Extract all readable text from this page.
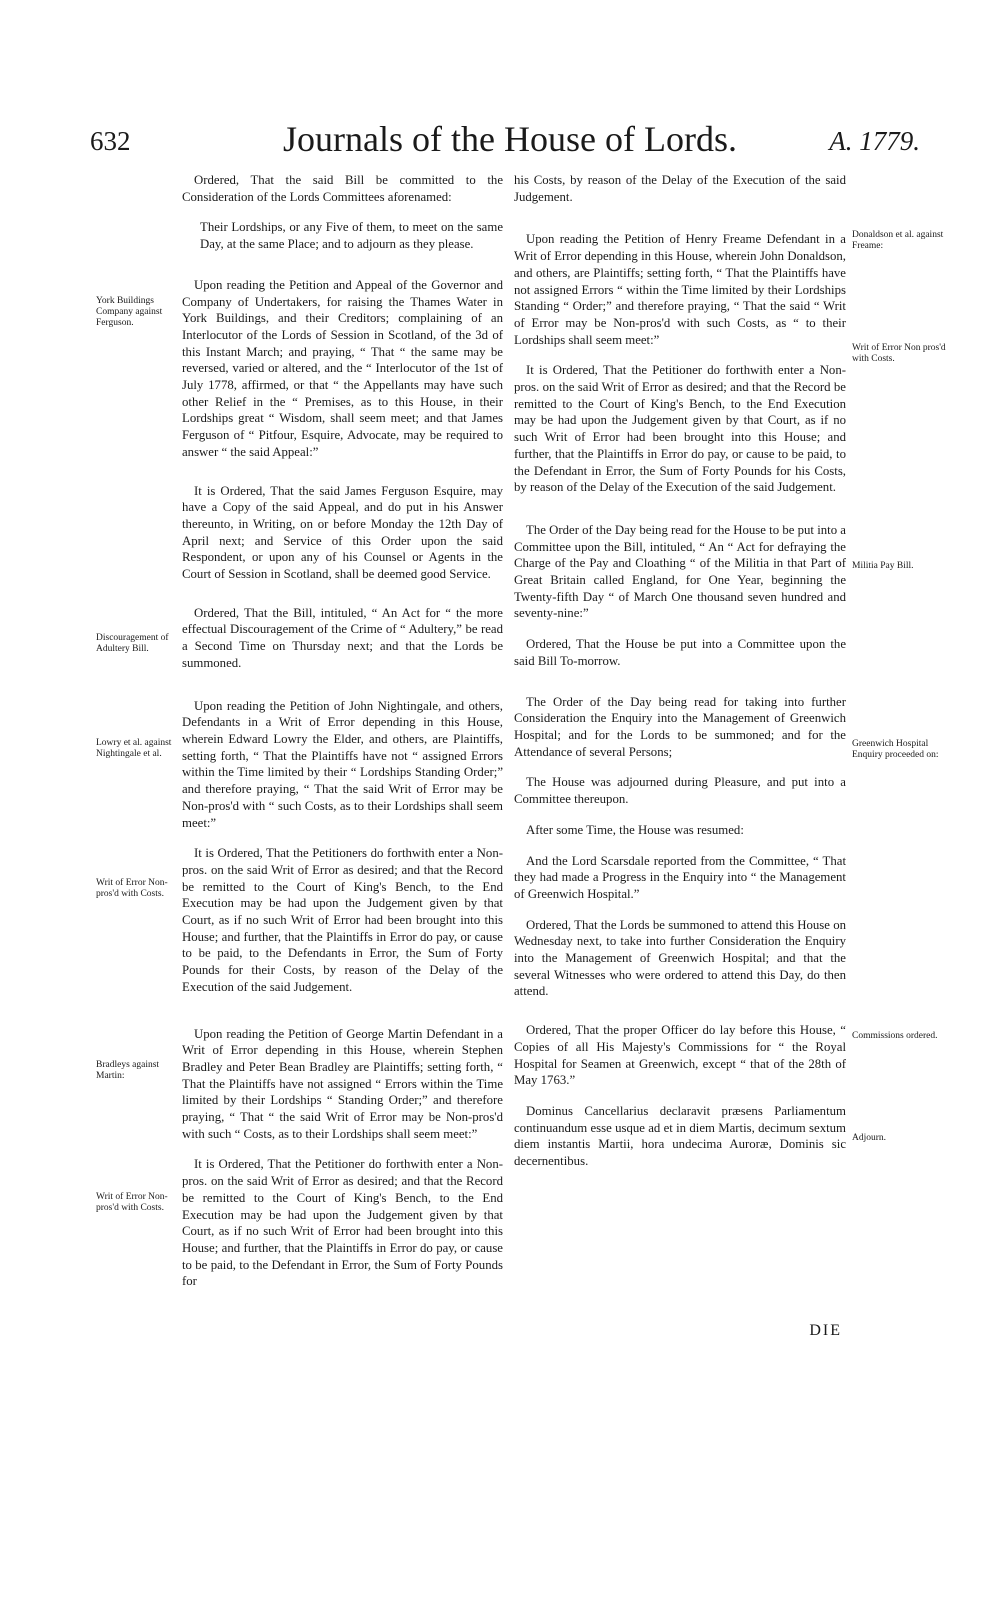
632	Journals of the House of Lords.	A. 1779.

Ordered, That the said Bill be committed to the Consideration of the Lords Committees aforenamed:

Their Lordships, or any Five of them, to meet on the same Day, at the same Place; and to adjourn as they please.

Upon reading the Petition and Appeal of the Governor and Company of Undertakers, for raising the Thames Water in York Buildings, and their Creditors; complaining of an Interlocutor of the Lords of Session in Scotland, of the 3d of this Instant March; and praying, “ That “ the same may be reversed, varied or altered, and the “ Interlocutor of the 1st of July 1778, affirmed, or that “ the Appellants may have such other Relief in the “ Premises, as to this House, in their Lordships great “ Wisdom, shall seem meet; and that James Ferguson of “ Pitfour, Esquire, Advocate, may be required to answer “ the said Appeal:”

It is Ordered, That the said James Ferguson Esquire, may have a Copy of the said Appeal, and do put in his Answer thereunto, in Writing, on or before Monday the 12th Day of April next; and Service of this Order upon the said Respondent, or upon any of his Counsel or Agents in the Court of Session in Scotland, shall be deemed good Service.

Ordered, That the Bill, intituled, “ An Act for “ the more effectual Discouragement of the Crime of “ Adultery,” be read a Second Time on Thursday next; and that the Lords be summoned.

Upon reading the Petition of John Nightingale, and others, Defendants in a Writ of Error depending in this House, wherein Edward Lowry the Elder, and others, are Plaintiffs, setting forth, “ That the Plaintiffs have not “ assigned Errors within the Time limited by their “ Lordships Standing Order;” and therefore praying, “ That the said Writ of Error may be Non-pros'd with “ such Costs, as to their Lordships shall seem meet:”

It is Ordered, That the Petitioners do forthwith enter a Non-pros. on the said Writ of Error as desired; and that the Record be remitted to the Court of King's Bench, to the End Execution may be had upon the Judgement given by that Court, as if no such Writ of Error had been brought into this House; and further, that the Plaintiffs in Error do pay, or cause to be paid, to the Defendants in Error, the Sum of Forty Pounds for their Costs, by reason of the Delay of the Execution of the said Judgement.

Upon reading the Petition of George Martin Defendant in a Writ of Error depending in this House, wherein Stephen Bradley and Peter Bean Bradley are Plaintiffs; setting forth, “ That the Plaintiffs have not assigned “ Errors within the Time limited by their Lordships “ Standing Order;” and therefore praying, “ That “ the said Writ of Error may be Non-pros'd with such “ Costs, as to their Lordships shall seem meet:”

It is Ordered, That the Petitioner do forthwith enter a Non-pros. on the said Writ of Error as desired; and that the Record be remitted to the Court of King's Bench, to the End Execution may be had upon the Judgement given by that Court, as if no such Writ of Error had been brought into this House; and further, that the Plaintiffs in Error do pay, or cause to be paid, to the Defendant in Error, the Sum of Forty Pounds for

his Costs, by reason of the Delay of the Execution of the said Judgement.

Upon reading the Petition of Henry Freame Defendant in a Writ of Error depending in this House, wherein John Donaldson, and others, are Plaintiffs; setting forth, “ That the Plaintiffs have not assigned Errors “ within the Time limited by their Lordships Standing “ Order;” and therefore praying, “ That the said “ Writ of Error may be Non-pros'd with such Costs, as “ to their Lordships shall seem meet:”

It is Ordered, That the Petitioner do forthwith enter a Non-pros. on the said Writ of Error as desired; and that the Record be remitted to the Court of King's Bench, to the End Execution may be had upon the Judgement given by that Court, as if no such Writ of Error had been brought into this House; and further, that the Plaintiffs in Error do pay, or cause to be paid, to the Defendant in Error, the Sum of Forty Pounds for his Costs, by reason of the Delay of the Execution of the said Judgement.

The Order of the Day being read for the House to be put into a Committee upon the Bill, intituled, “ An “ Act for defraying the Charge of the Pay and Cloathing “ of the Militia in that Part of Great Britain called England, for One Year, beginning the Twenty-fifth Day “ of March One thousand seven hundred and seventy-nine:”

Ordered, That the House be put into a Committee upon the said Bill To-morrow.

The Order of the Day being read for taking into further Consideration the Enquiry into the Management of Greenwich Hospital; and for the Lords to be summoned; and for the Attendance of several Persons;

The House was adjourned during Pleasure, and put into a Committee thereupon.

After some Time, the House was resumed:

And the Lord Scarsdale reported from the Committee, “ That they had made a Progress in the Enquiry into “ the Management of Greenwich Hospital.”

Ordered, That the Lords be summoned to attend this House on Wednesday next, to take into further Consideration the Enquiry into the Management of Greenwich Hospital; and that the several Witnesses who were ordered to attend this Day, do then attend.

Ordered, That the proper Officer do lay before this House, “ Copies of all His Majesty's Commissions for “ the Royal Hospital for Seamen at Greenwich, except “ that of the 28th of May 1763.”

Dominus Cancellarius declaravit præsens Parliamentum continuandum esse usque ad et in diem Martis, decimum sextum diem instantis Martii, hora undecima Auroræ, Dominis sic decernentibus.

York Buildings Company against Ferguson.
Discouragement of Adultery Bill.
Lowry et al. against Nightingale et al.
Writ of Error Non-pros'd with Costs.
Bradleys against Martin:
Writ of Error Non-pros'd with Costs.
Donaldson et al. against Freame:
Writ of Error Non pros'd with Costs.
Militia Pay Bill.
Greenwich Hospital Enquiry proceeded on:
Commissions ordered.
Adjourn.
DIE
